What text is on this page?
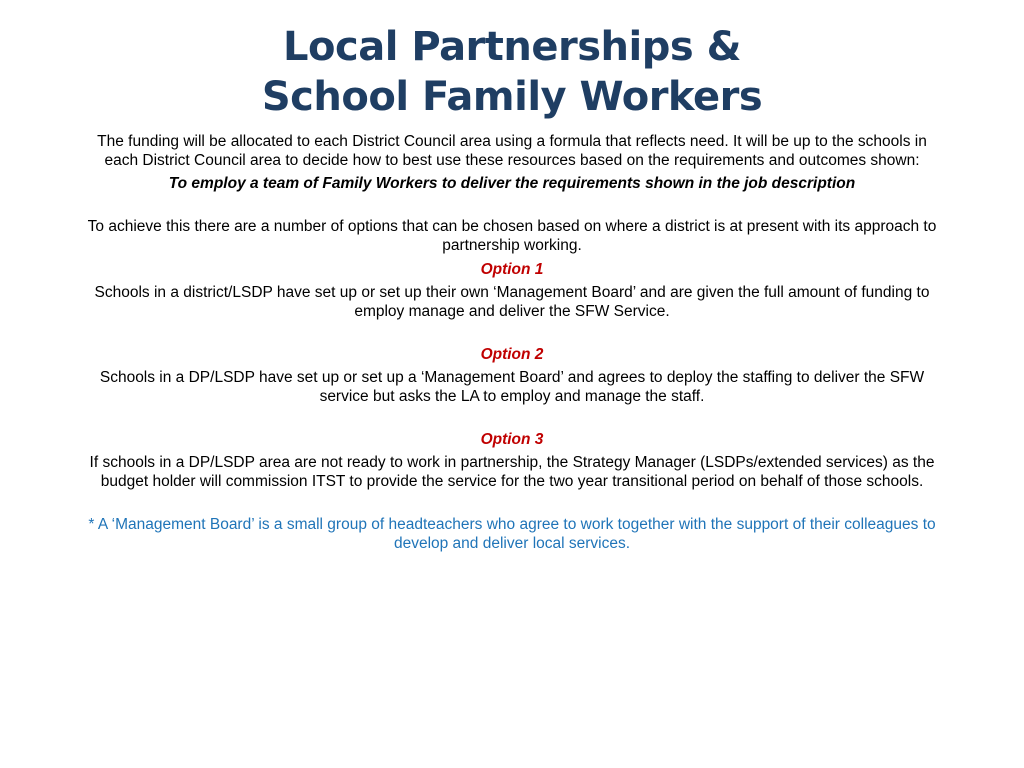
Local Partnerships &
School Family Workers

The funding will be allocated to each District Council area using a formula that reflects need. It will be up to the schools in each District Council area to decide how to best use these resources based on the requirements and outcomes shown:

To employ a team of Family Workers to deliver the requirements shown in the job description

To achieve this there are a number of options that can be chosen based on where a district is at present with its approach to partnership working.

Option 1

Schools in a district/LSDP have set up or set up their own ‘Management Board’ and are given the full amount of funding to employ manage and deliver the SFW Service.

Option 2

Schools in a DP/LSDP have set up or set up a ‘Management Board’ and agrees to deploy the staffing to deliver the SFW service but asks the LA to employ and manage the staff.

Option 3

If schools in a DP/LSDP area are not ready to work in partnership, the Strategy Manager (LSDPs/extended services) as the budget holder will commission ITST to provide the service for the two year transitional period on behalf of those schools.

* A ‘Management Board’ is a small group of headteachers who agree to work together with the support of their colleagues to develop and deliver local services.
